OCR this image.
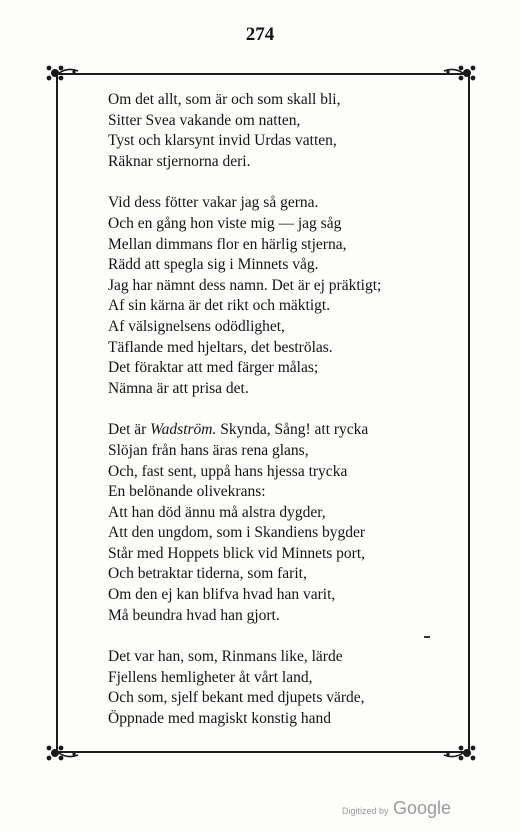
274
Om det allt, som är och som skall bli,
Sitter Svea vakande om natten,
Tyst och klarsynt invid Urdas vatten,
Räknar stjernorna deri.
Vid dess fötter vakar jag så gerna.
Och en gång hon viste mig — jag såg
Mellan dimmans flor en härlig stjerna,
Rädd att spegla sig i Minnets våg.
Jag har nämnt dess namn. Det är ej präktigt;
Af sin kärna är det rikt och mäktigt.
Af välsignelsens odödlighet,
Täflande med hjeltars, det beströlas.
Det föraktar att med färger målas;
Nämna är att prisa det.
Det är Wadström. Skynda, Sång! att rycka
Slöjan från hans äras rena glans,
Och, fast sent, uppå hans hjessa trycka
En belönande olivekrans:
Att han död ännu må alstra dygder,
Att den ungdom, som i Skandiens bygder
Står med Hoppets blick vid Minnets port,
Och betraktar tiderna, som farit,
Om den ej kan blifva hvad han varit,
Må beundra hvad han gjort.
Det var han, som, Rinmans like, lärde
Fjellens hemligheter åt vårt land,
Och som, sjelf bekant med djupets värde,
Öppnade med magiskt konstig hand
Digitized by Google
